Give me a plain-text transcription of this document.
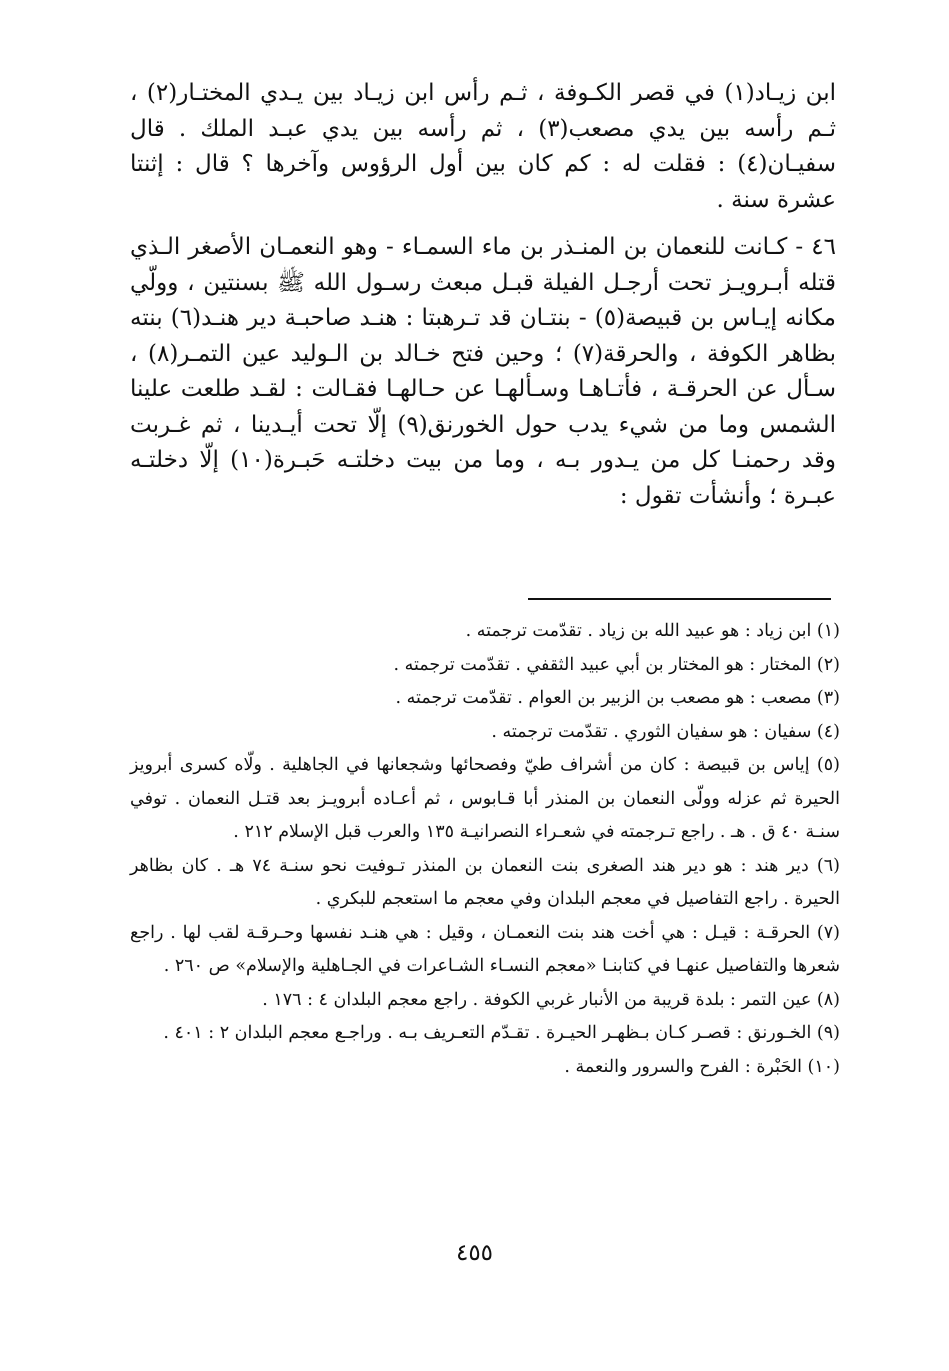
ابن زيـاد(١) في قصر الكـوفة ، ثـم رأس ابن زيـاد بين يـدي المختـار(٢) ، ثـم رأسه بين يدي مصعب(٣) ، ثم رأسه بين يدي عبـد الملك . قال سفيـان(٤) : فقلت له : كم كان بين أول الرؤوس وآخرها ؟ قال : إثنتا عشرة سنة .

٤٦ - كـانت للنعمان بن المنـذر بن ماء السمـاء - وهو النعمـان الأصغر الـذي قتله أبـرويـز تحت أرجـل الفيلة قبـل مبعث رسـول الله ﷺ بسنتين ، وولّي مكانه إيـاس بن قبيصة(٥) - بنتـان قد تـرهبتا : هنـد صاحبـة دير هنـد(٦) بنته بظاهر الكوفة ، والحرقة(٧) ؛ وحين فتح خـالد بن الـوليد عين التمـر(٨) ، سـأل عن الحرقـة ، فأتـاهـا وسـألهـا عن حـالهـا فقـالت : لقـد طلعت علينا الشمس وما من شيء يدب حول الخورنق(٩) إلّا تحت أيـدينا ، ثم غـربت وقد رحمنـا كل من يـدور بـه ، وما من بيت دخلتـه حَبـرة(١٠) إلّا دخلتـه عبـرة ؛ وأنشأت تقول :

(١) ابن زياد : هو عبيد الله بن زياد . تقدّمت ترجمته .

(٢) المختار : هو المختار بن أبي عبيد الثقفي . تقدّمت ترجمته .

(٣) مصعب : هو مصعب بن الزبير بن العوام . تقدّمت ترجمته .

(٤) سفيان : هو سفيان الثوري . تقدّمت ترجمته .

(٥) إياس بن قبيصة : كان من أشراف طيّ وفصحائها وشجعانها في الجاهلية . ولّاه كسرى أبرويز الحيرة ثم عزله وولّى النعمان بن المنذر أبا قـابوس ، ثم أعـاده أبرويـز بعد قتـل النعمان . توفي سنـة ٤٠ ق . هـ . راجع تـرجمته في شعـراء النصرانيـة ١٣٥ والعرب قبل الإسلام ٢١٢ .

(٦) دير هند : هو دير هند الصغرى بنت النعمان بن المنذر تـوفيت نحو سنـة ٧٤ هـ . كان بظاهر الحيرة . راجع التفاصيل في معجم البلدان وفي معجم ما استعجم للبكري .

(٧) الحرقـة : قيـل : هي أخت هند بنت النعمـان ، وقيل : هي هنـد نفسها وحـرقـة لقب لها . راجع شعرها والتفاصيل عنهـا في كتابنـا «معجم النسـاء الشـاعرات في الجـاهلية والإسلام» ص ٢٦٠ .

(٨) عين التمر : بلدة قريبة من الأنبار غربي الكوفة . راجع معجم البلدان ٤ : ١٧٦ .

(٩) الخـورنق : قصـر كـان بـظهـر الحيـرة . تقـدّم التعـريف بـه . وراجـع معجم البلدان ٢ : ٤٠١ .

(١٠) الحَبْرة : الفرح والسرور والنعمة .

٤٥٥
